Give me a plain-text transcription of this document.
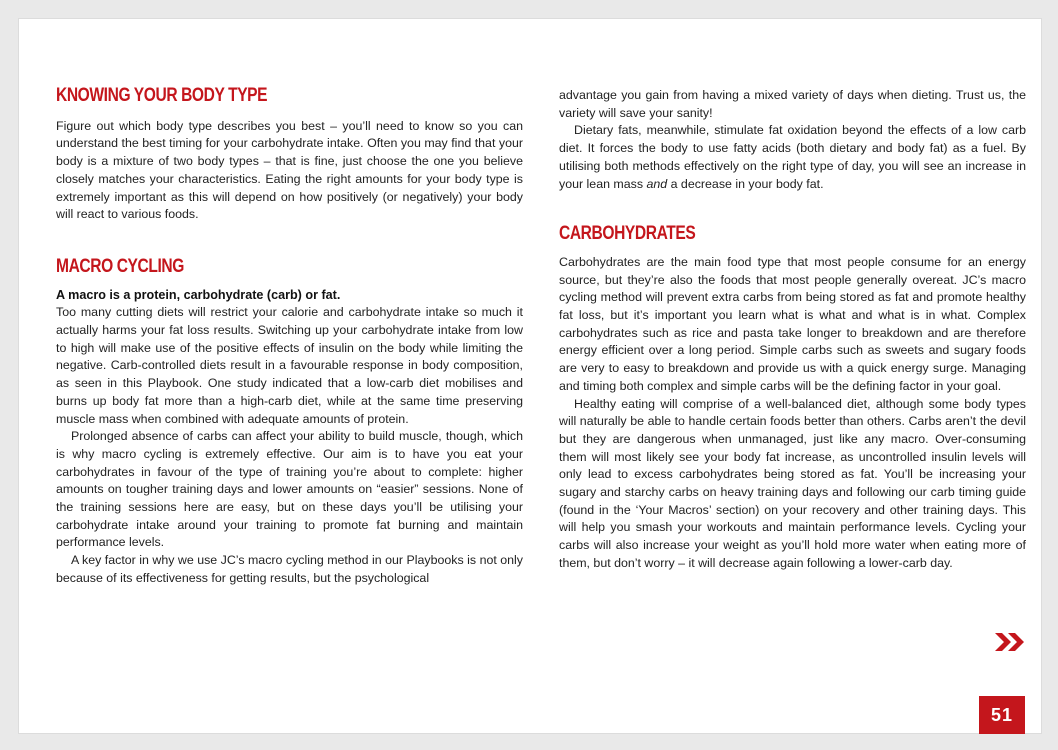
KNOWING YOUR BODY TYPE

Figure out which body type describes you best – you’ll need to know so you can understand the best timing for your carbohydrate intake. Often you may find that your body is a mixture of two body types – that is fine, just choose the one you believe closely matches your characteristics. Eating the right amounts for your body type is extremely important as this will depend on how positively (or negatively) your body will react to various foods.

MACRO CYCLING

A macro is a protein, carbohydrate (carb) or fat.

Too many cutting diets will restrict your calorie and carbohydrate intake so much it actually harms your fat loss results. Switching up your carbohydrate intake from low to high will make use of the positive effects of insulin on the body while limiting the negative. Carb-controlled diets result in a favourable response in body composition, as seen in this Playbook. One study indicated that a low-carb diet mobilises and burns up body fat more than a high-carb diet, while at the same time preserving muscle mass when combined with adequate amounts of protein.

Prolonged absence of carbs can affect your ability to build muscle, though, which is why macro cycling is extremely effective. Our aim is to have you eat your carbohydrates in favour of the type of training you’re about to complete: higher amounts on tougher training days and lower amounts on “easier” sessions. None of the training sessions here are easy, but on these days you’ll be utilising your carbohydrate intake around your training to promote fat burning and maintain performance levels.

A key factor in why we use JC’s macro cycling method in our Playbooks is not only because of its effectiveness for getting results, but the psychological

advantage you gain from having a mixed variety of days when dieting. Trust us, the variety will save your sanity!

Dietary fats, meanwhile, stimulate fat oxidation beyond the effects of a low carb diet. It forces the body to use fatty acids (both dietary and body fat) as a fuel. By utilising both methods effectively on the right type of day, you will see an increase in your lean mass and a decrease in your body fat.

CARBOHYDRATES

Carbohydrates are the main food type that most people consume for an energy source, but they’re also the foods that most people generally overeat. JC’s macro cycling method will prevent extra carbs from being stored as fat and promote healthy fat loss, but it’s important you learn what is what and what is in what. Complex carbohydrates such as rice and pasta take longer to breakdown and are therefore energy efficient over a long period. Simple carbs such as sweets and sugary foods are very to easy to breakdown and provide us with a quick energy surge. Managing and timing both complex and simple carbs will be the defining factor in your goal.

Healthy eating will comprise of a well-balanced diet, although some body types will naturally be able to handle certain foods better than others. Carbs aren’t the devil but they are dangerous when unmanaged, just like any macro. Over-consuming them will most likely see your body fat increase, as uncontrolled insulin levels will only lead to excess carbohydrates being stored as fat. You’ll be increasing your sugary and starchy carbs on heavy training days and following our carb timing guide (found in the ‘Your Macros’ section) on your recovery and other training days. This will help you smash your workouts and maintain performance levels. Cycling your carbs will also increase your weight as you’ll hold more water when eating more of them, but don’t worry – it will decrease again following a lower-carb day.

51
